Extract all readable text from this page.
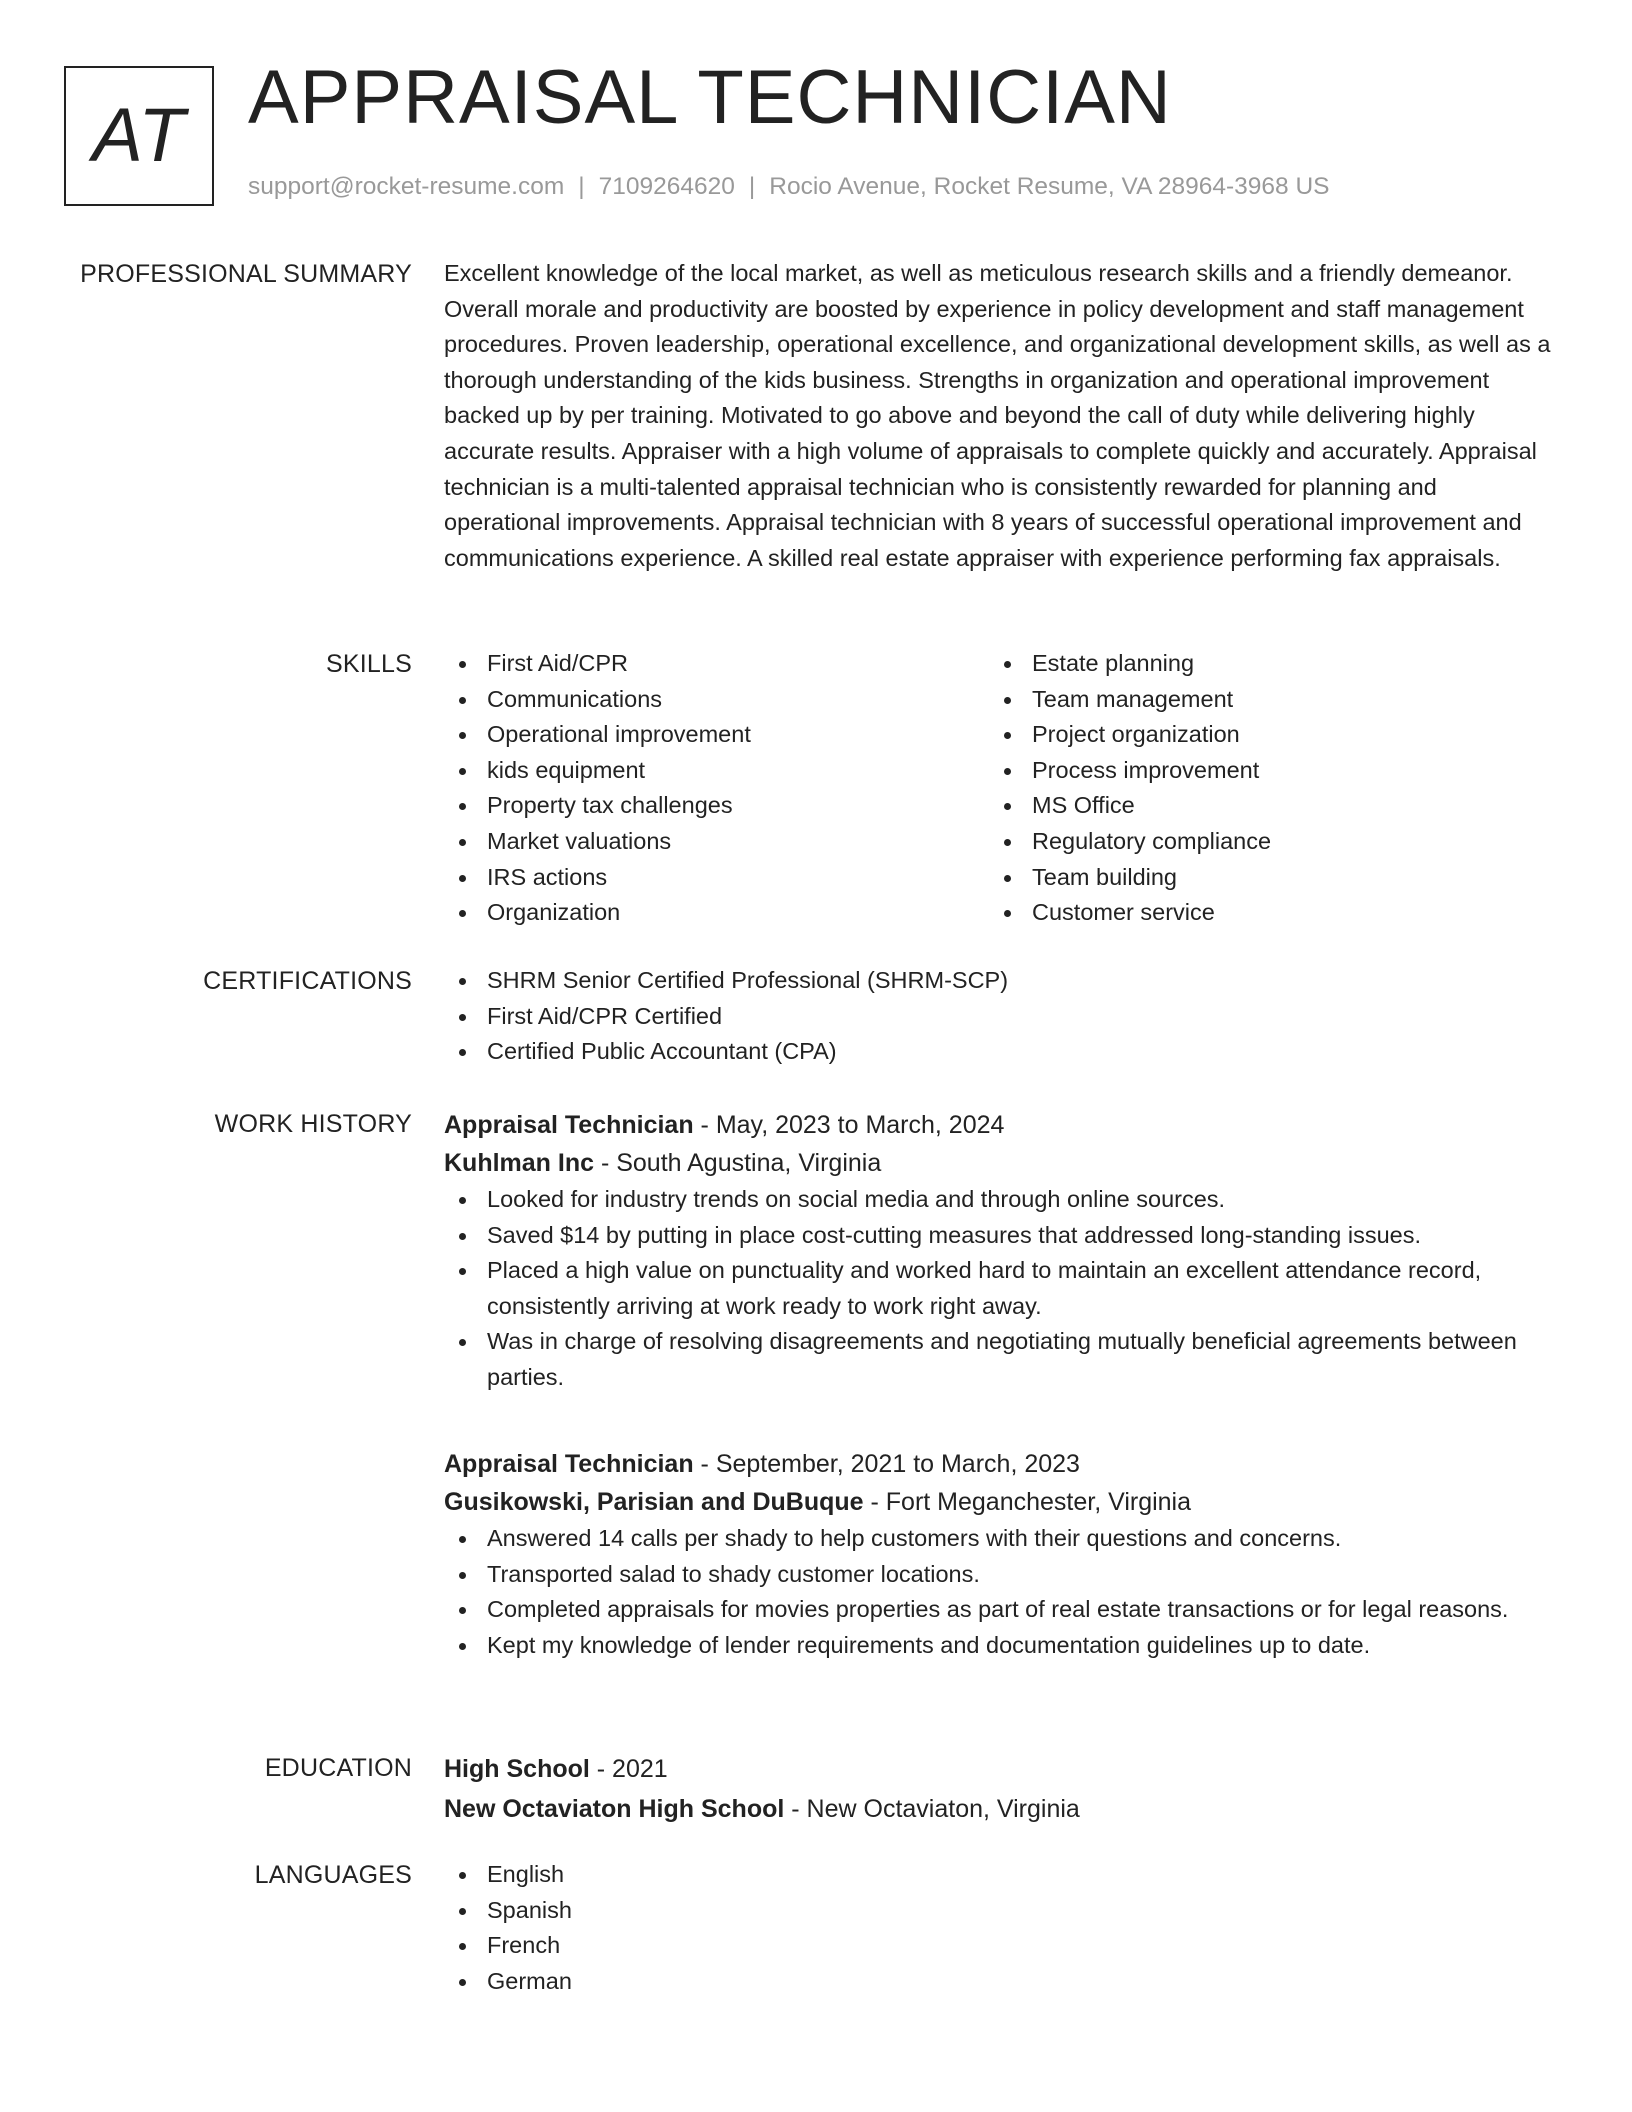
AT APPRAISAL TECHNICIAN
support@rocket-resume.com | 7109264620 | Rocio Avenue, Rocket Resume, VA 28964-3968 US
PROFESSIONAL SUMMARY Excellent knowledge of the local market, as well as meticulous research skills and a friendly demeanor. Overall morale and productivity are boosted by experience in policy development and staff management procedures. Proven leadership, operational excellence, and organizational development skills, as well as a thorough understanding of the kids business. Strengths in organization and operational improvement backed up by per training. Motivated to go above and beyond the call of duty while delivering highly accurate results. Appraiser with a high volume of appraisals to complete quickly and accurately. Appraisal technician is a multi-talented appraisal technician who is consistently rewarded for planning and operational improvements. Appraisal technician with 8 years of successful operational improvement and communications experience. A skilled real estate appraiser with experience performing fax appraisals.

SKILLS	First Aid/CPR
Communications
Operational improvement
kids equipment
Property tax challenges
Market valuations
IRS actions
Organization
Estate planning
Team management
Project organization
Process improvement
MS Office
Regulatory compliance
Team building
Customer service
CERTIFICATIONS	SHRM Senior Certified Professional (SHRM-SCP)
First Aid/CPR Certified
Certified Public Accountant (CPA)
WORK HISTORY Appraisal Technician - May, 2023 to March, 2024
Kuhlman Inc - South Agustina, Virginia
Looked for industry trends on social media and through online sources.
Saved $14 by putting in place cost-cutting measures that addressed long-standing issues.
Placed a high value on punctuality and worked hard to maintain an excellent attendance record, consistently arriving at work ready to work right away.
Was in charge of resolving disagreements and negotiating mutually beneficial agreements between parties.
Appraisal Technician - September, 2021 to March, 2023
Gusikowski, Parisian and DuBuque - Fort Meganchester, Virginia
Answered 14 calls per shady to help customers with their questions and concerns.
Transported salad to shady customer locations.
Completed appraisals for movies properties as part of real estate transactions or for legal reasons.
Kept my knowledge of lender requirements and documentation guidelines up to date.
EDUCATION High School - 2021
New Octaviaton High School - New Octaviaton, Virginia
LANGUAGES	English
Spanish
French
German
